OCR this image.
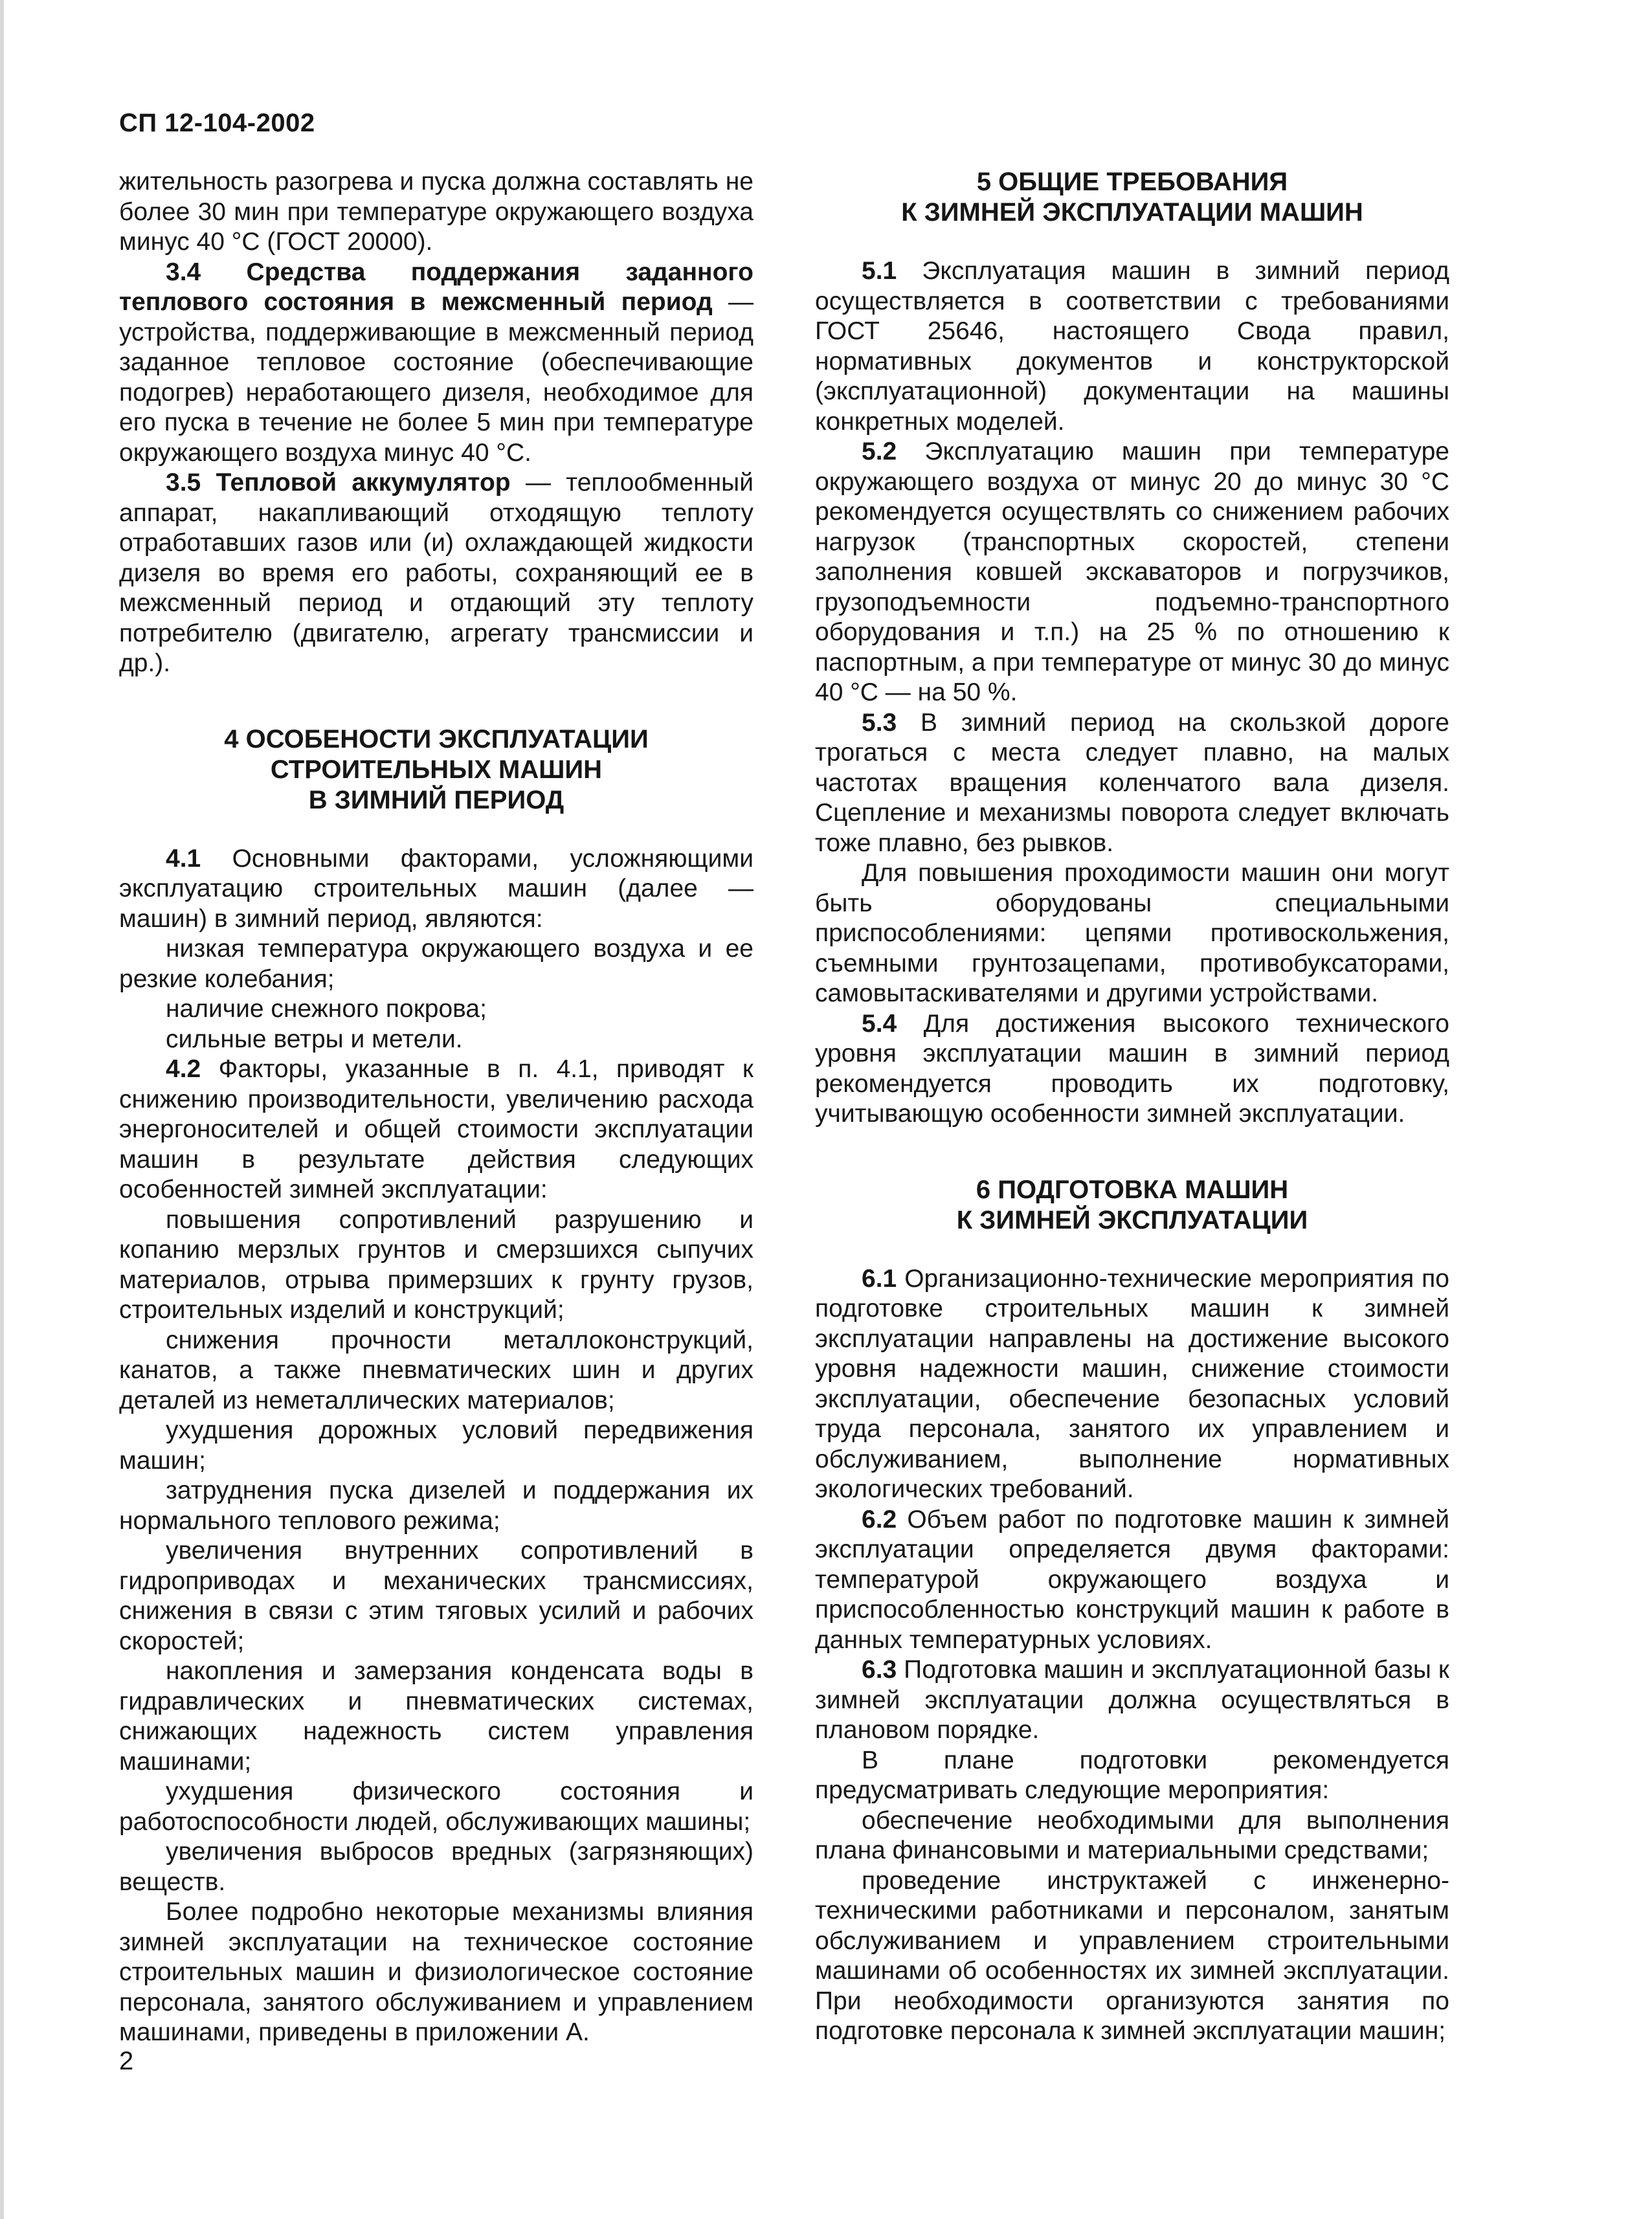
СП 12-104-2002

жительность разогрева и пуска должна составлять не более 30 мин при температуре окружающего воздуха минус 40 °С (ГОСТ 20000).

3.4 Средства поддержания заданного теплового состояния в межсменный период — устройства, поддерживающие в межсменный период заданное тепловое состояние (обеспечивающие подогрев) неработающего дизеля, необходимое для его пуска в течение не более 5 мин при температуре окружающего воздуха минус 40 °С.

3.5 Тепловой аккумулятор — теплообменный аппарат, накапливающий отходящую теплоту отработавших газов или (и) охлаждающей жидкости дизеля во время его работы, сохраняющий ее в межсменный период и отдающий эту теплоту потребителю (двигателю, агрегату трансмиссии и др.).

4 ОСОБЕНОСТИ ЭКСПЛУАТАЦИИ
СТРОИТЕЛЬНЫХ МАШИН
В ЗИМНИЙ ПЕРИОД

4.1 Основными факторами, усложняющими эксплуатацию строительных машин (далее — машин) в зимний период, являются:

низкая температура окружающего воздуха и ее резкие колебания;

наличие снежного покрова;

сильные ветры и метели.

4.2 Факторы, указанные в п. 4.1, приводят к снижению производительности, увеличению расхода энергоносителей и общей стоимости эксплуатации машин в результате действия следующих особенностей зимней эксплуатации:

повышения сопротивлений разрушению и копанию мерзлых грунтов и смерзшихся сыпучих материалов, отрыва примерзших к грунту грузов, строительных изделий и конструкций;

снижения прочности металлоконструкций, канатов, а также пневматических шин и других деталей из неметаллических материалов;

ухудшения дорожных условий передвижения машин;

затруднения пуска дизелей и поддержания их нормального теплового режима;

увеличения внутренних сопротивлений в гидроприводах и механических трансмиссиях, снижения в связи с этим тяговых усилий и рабочих скоростей;

накопления и замерзания конденсата воды в гидравлических и пневматических системах, снижающих надежность систем управления машинами;

ухудшения физического состояния и работоспособности людей, обслуживающих машины;

увеличения выбросов вредных (загрязняющих) веществ.

Более подробно некоторые механизмы влияния зимней эксплуатации на техническое состояние строительных машин и физиологическое состояние персонала, занятого обслуживанием и управлением машинами, приведены в приложении А.

5 ОБЩИЕ ТРЕБОВАНИЯ
К ЗИМНЕЙ ЭКСПЛУАТАЦИИ МАШИН

5.1 Эксплуатация машин в зимний период осуществляется в соответствии с требованиями ГОСТ 25646, настоящего Свода правил, нормативных документов и конструкторской (эксплуатационной) документации на машины конкретных моделей.

5.2 Эксплуатацию машин при температуре окружающего воздуха от минус 20 до минус 30 °С рекомендуется осуществлять со снижением рабочих нагрузок (транспортных скоростей, степени заполнения ковшей экскаваторов и погрузчиков, грузоподъемности подъемно-транспортного оборудования и т.п.) на 25 % по отношению к паспортным, а при температуре от минус 30 до минус 40 °С — на 50 %.

5.3 В зимний период на скользкой дороге трогаться с места следует плавно, на малых частотах вращения коленчатого вала дизеля. Сцепление и механизмы поворота следует включать тоже плавно, без рывков.

Для повышения проходимости машин они могут быть оборудованы специальными приспособлениями: цепями противоскольжения, съемными грунтозацепами, противобуксаторами, самовытаскивателями и другими устройствами.

5.4 Для достижения высокого технического уровня эксплуатации машин в зимний период рекомендуется проводить их подготовку, учитывающую особенности зимней эксплуатации.

6 ПОДГОТОВКА МАШИН
К ЗИМНЕЙ ЭКСПЛУАТАЦИИ

6.1 Организационно-технические мероприятия по подготовке строительных машин к зимней эксплуатации направлены на достижение высокого уровня надежности машин, снижение стоимости эксплуатации, обеспечение безопасных условий труда персонала, занятого их управлением и обслуживанием, выполнение нормативных экологических требований.

6.2 Объем работ по подготовке машин к зимней эксплуатации определяется двумя факторами: температурой окружающего воздуха и приспособленностью конструкций машин к работе в данных температурных условиях.

6.3 Подготовка машин и эксплуатационной базы к зимней эксплуатации должна осуществляться в плановом порядке.

В плане подготовки рекомендуется предусматривать следующие мероприятия:

обеспечение необходимыми для выполнения плана финансовыми и материальными средствами;

проведение инструктажей с инженерно-техническими работниками и персоналом, занятым обслуживанием и управлением строительными машинами об особенностях их зимней эксплуатации. При необходимости организуются занятия по подготовке персонала к зимней эксплуатации машин;

2
